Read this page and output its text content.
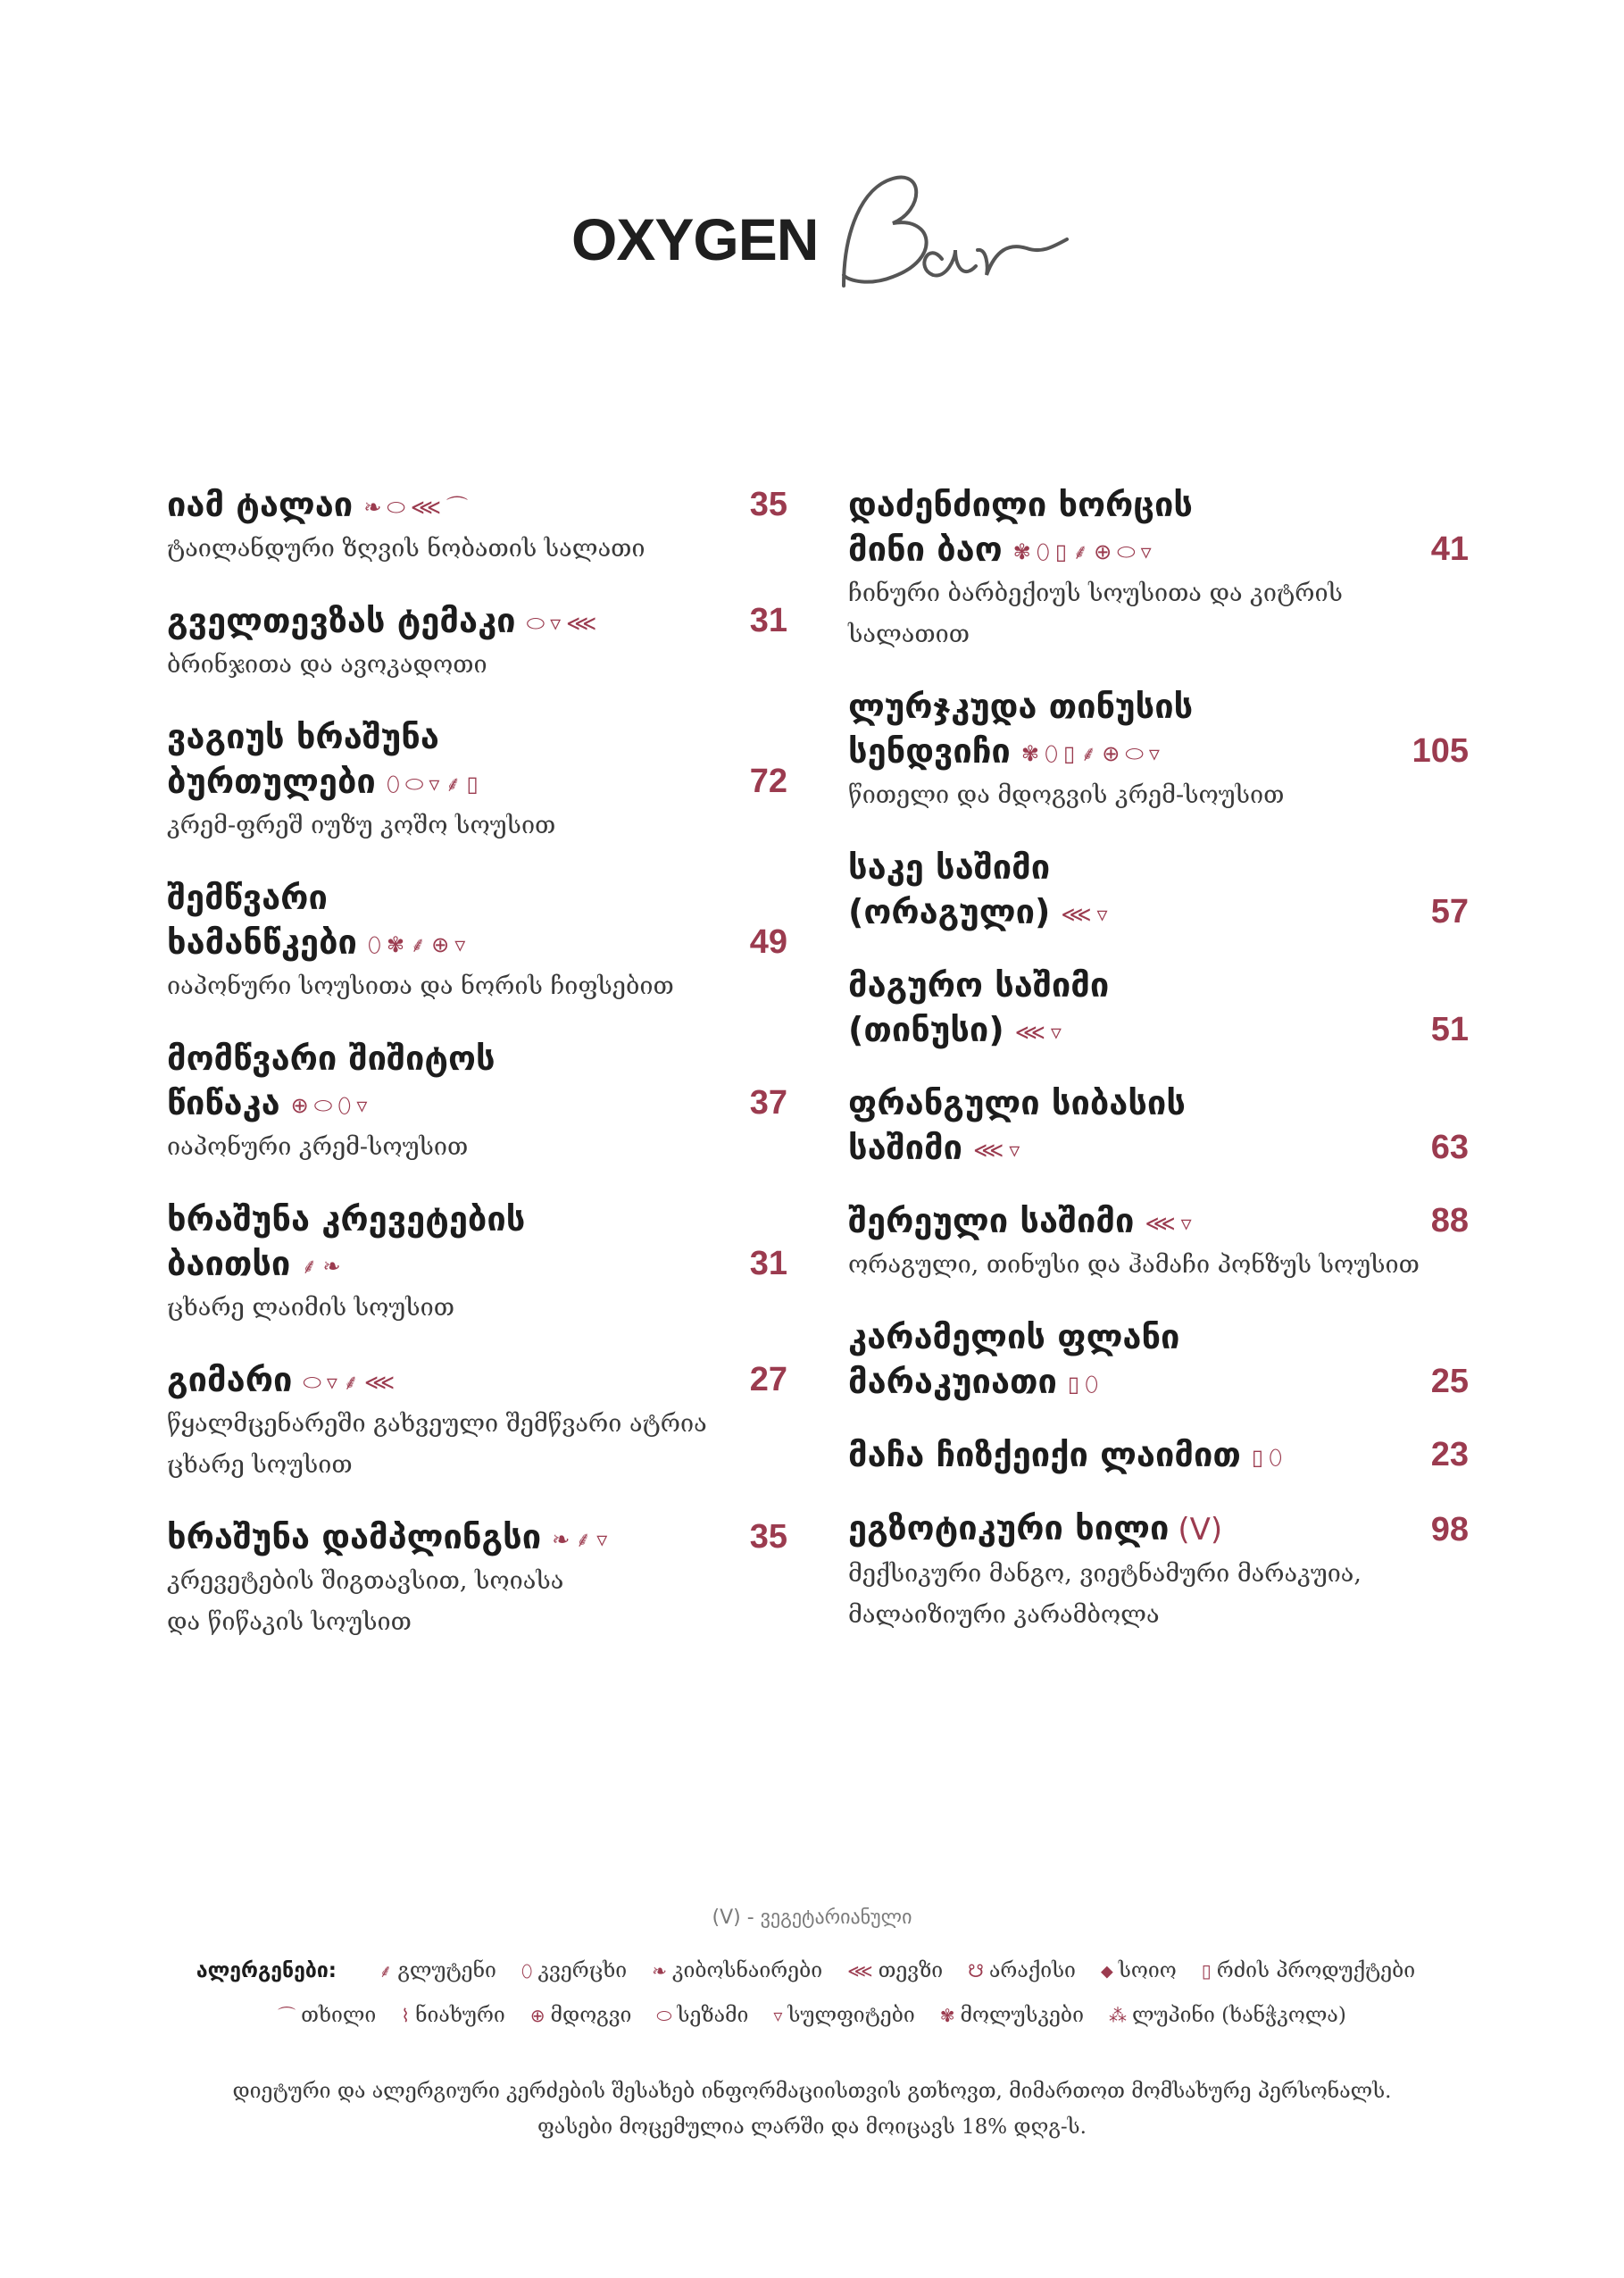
OXYGEN
იამ ტალაი ❧ ⬭ ⋘ ⌒	35
ტაილანდური ზღვის ნობათის სალათი
გველთევზას ტემაკი ⬭ ▿ ⋘	31
ბრინჯითა და ავოკადოთი
ვაგიუს ხრაშუნა
ბურთულები ⬯ ⬭ ▿ ⸙ ▯	72
კრემ-ფრეშ იუზუ კოშო სოუსით
შემწვარი
ხამანწკები ⬯ ✾ ⸙ ⊕ ▿	49
იაპონური სოუსითა და ნორის ჩიფსებით
მომწვარი შიშიტოს
წიწაკა ⊕ ⬭ ⬯ ▿	37
იაპონური კრემ-სოუსით
ხრაშუნა კრევეტების
ბაითსი ⸙ ❧	31
ცხარე ლაიმის სოუსით
გიმარი ⬭ ▿ ⸙ ⋘	27
წყალმცენარეში გახვეული შემწვარი ატრია
ცხარე სოუსით
ხრაშუნა დამპლინგსი ❧ ⸙ ▿	35
კრევეტების შიგთავსით, სოიასა
და წიწაკის სოუსით
დაძენძილი ხორცის
მინი ბაო ✾ ⬯ ▯ ⸙ ⊕ ⬭ ▿	41
ჩინური ბარბექიუს სოუსითა და კიტრის
სალათით
ლურჯკუდა თინუსის
სენდვიჩი ✾ ⬯ ▯ ⸙ ⊕ ⬭ ▿	105
წითელი და მდოგვის კრემ-სოუსით
საკე საშიმი
(ორაგული) ⋘ ▿	57
მაგურო საშიმი
(თინუსი) ⋘ ▿	51
ფრანგული სიბასის
საშიმი ⋘ ▿	63
შერეული საშიმი ⋘ ▿	88
ორაგული, თინუსი და ჰამაჩი პონზუს სოუსით
კარამელის ფლანი
მარაკუიათი ▯ ⬯	25
მაჩა ჩიზქეიქი ლაიმით ▯ ⬯	23
ეგზოტიკური ხილი (V)	98
მექსიკური მანგო, ვიეტნამური მარაკუია,
მალაიზიური კარამბოლა
(V) - ვეგეტარიანული
ალერგენები: ⸙ გლუტენი ⬯ კვერცხი ❧ კიბოსნაირები ⋘ თევზი ☋ არაქისი ⬥ სოიო ▯ რძის პროდუქტები
⌒ თხილი ⌇ ნიახური ⊕ მდოგვი ⬭ სეზამი ▿ სულფიტები ✾ მოლუსკები ⁂ ლუპინი (ხანჭკოლა)
დიეტური და ალერგიური კერძების შესახებ ინფორმაციისთვის გთხოვთ, მიმართოთ მომსახურე პერსონალს.
ფასები მოცემულია ლარში და მოიცავს 18% დღგ-ს.
